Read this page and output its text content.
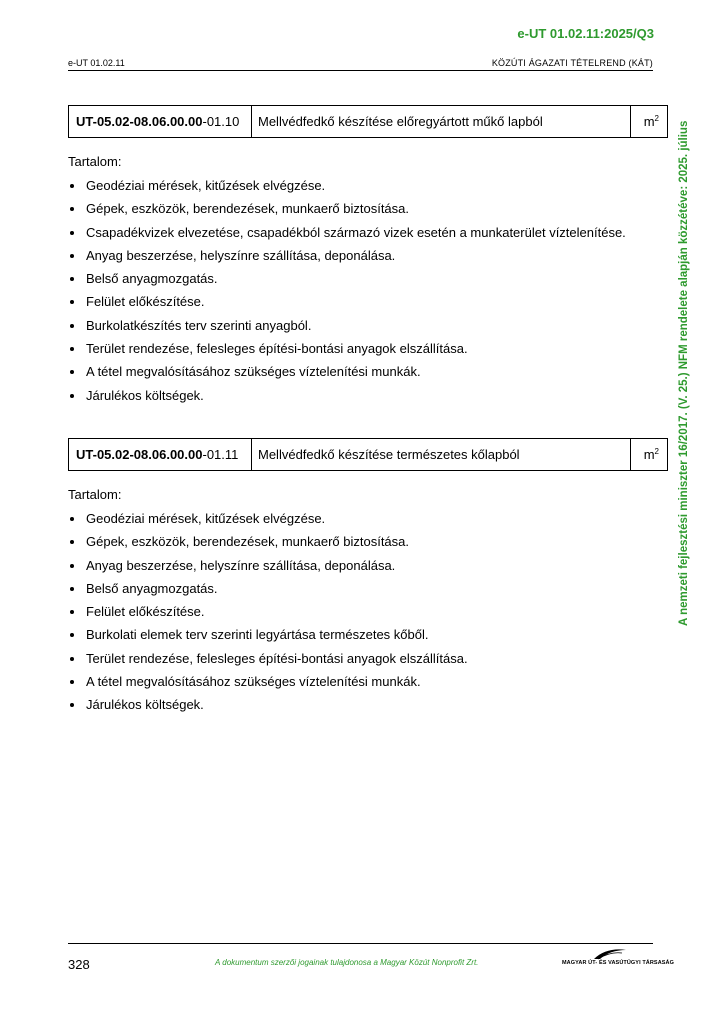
e-UT 01.02.11:2025/Q3
e-UT 01.02.11	KÖZÚTI ÁGAZATI TÉTELREND (KÁT)
A nemzeti fejlesztési miniszter 16/2017. (V. 25.) NFM rendelete alapján közzétéve: 2025. július
UT-05.02-08.06.00.00-01.10	Mellvédfedkő készítése előregyártott műkő lapból	$m^2$
Tartalom:
Geodéziai mérések, kitűzések elvégzése.
Gépek, eszközök, berendezések, munkaerő biztosítása.
Csapadékvizek elvezetése, csapadékból származó vizek esetén a munkaterület víztelenítése.
Anyag beszerzése, helyszínre szállítása, deponálása.
Belső anyagmozgatás.
Felület előkészítése.
Burkolatkészítés terv szerinti anyagból.
Terület rendezése, felesleges építési-bontási anyagok elszállítása.
A tétel megvalósításához szükséges víztelenítési munkák.
Járulékos költségek.
UT-05.02-08.06.00.00-01.11	Mellvédfedkő készítése természetes kőlapból	$m^2$
Tartalom:
Geodéziai mérések, kitűzések elvégzése.
Gépek, eszközök, berendezések, munkaerő biztosítása.
Anyag beszerzése, helyszínre szállítása, deponálása.
Belső anyagmozgatás.
Felület előkészítése.
Burkolati elemek terv szerinti legyártása természetes kőből.
Terület rendezése, felesleges építési-bontási anyagok elszállítása.
A tétel megvalósításához szükséges víztelenítési munkák.
Járulékos költségek.
328	A dokumentum szerzői jogainak tulajdonosa a Magyar Közút Nonprofit Zrt.	MAGYAR ÚT- ÉS VASÚTÜGYI TÁRSASÁG
